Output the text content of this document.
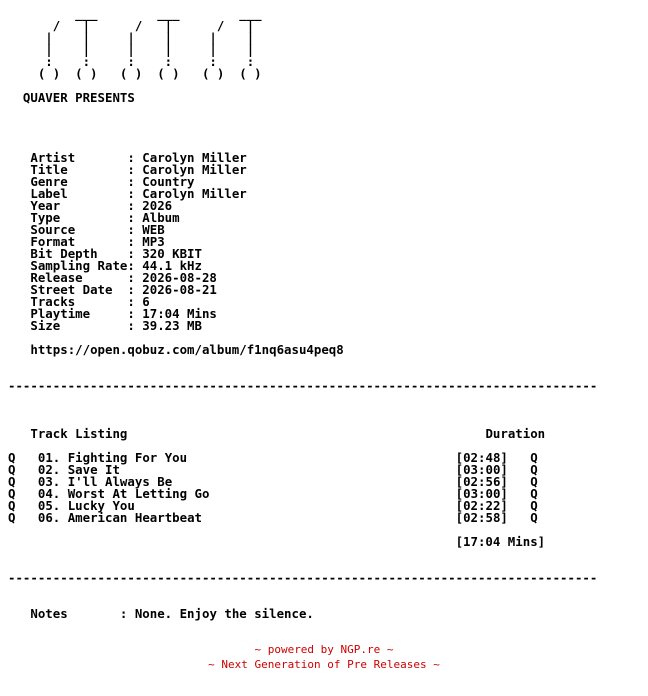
___        ___        ___
/   |      /   |      /   |
|    |     |    |     |    |
|    |     |    |     |    |
:    :     :    :     :    :
( )  ( )   ( )  ( )   ( )  ( )

QUAVER PRESENTS

Artist       : Carolyn Miller
Title        : Carolyn Miller
Genre        : Country
Label        : Carolyn Miller
Year         : 2026
Type         : Album
Source       : WEB
Format       : MP3
Bit Depth    : 320 KBIT
Sampling Rate: 44.1 kHz
Release      : 2026-08-28
Street Date  : 2026-08-21
Tracks       : 6
Playtime     : 17:04 Mins
Size         : 39.23 MB

https://open.qobuz.com/album/f1nq6asu4peq8

-------------------------------------------------------------------------------

Track Listing	Duration

Q 01. Fighting For You	[02:48] Q
Q 02. Save It	[03:00] Q
Q 03. I'll Always Be	[02:56] Q
Q 04. Worst At Letting Go	[03:00] Q
Q 05. Lucky You	[02:22] Q
Q 06. American Heartbeat	[02:58] Q

[17:04 Mins]

-------------------------------------------------------------------------------

Notes       : None. Enjoy the silence.
~ powered by NGP.re ~
~ Next Generation of Pre Releases ~
